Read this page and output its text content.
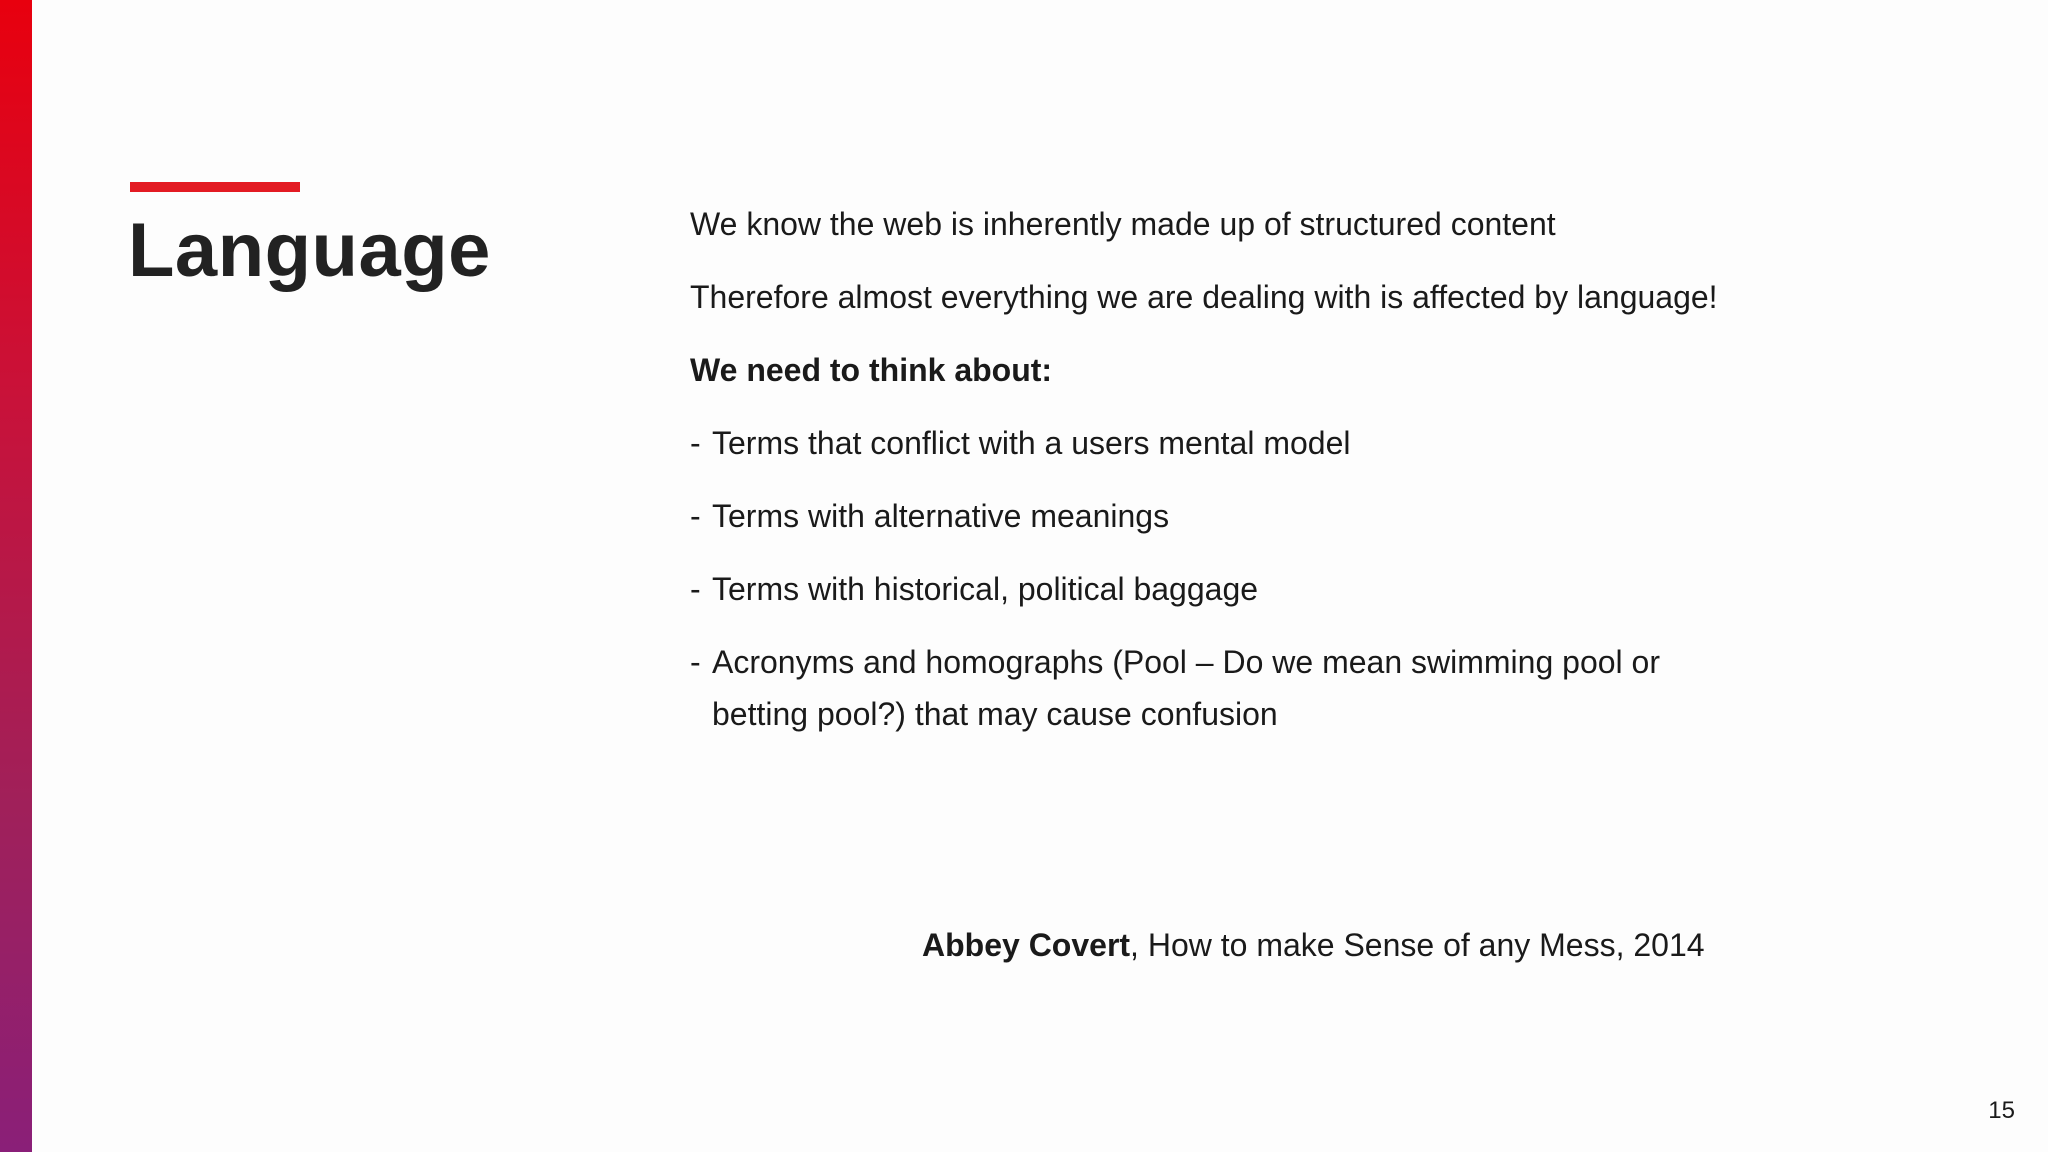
Language	We know the web is inherently made up of structured content

Therefore almost everything we are dealing with is affected by language!

We need to think about:

- Terms that conflict with a users mental model
- Terms with alternative meanings
- Terms with historical, political baggage
- Acronyms and homographs (Pool – Do we mean swimming pool or betting pool?) that may cause confusion
Abbey Covert, How to make Sense of any Mess, 2014
15
